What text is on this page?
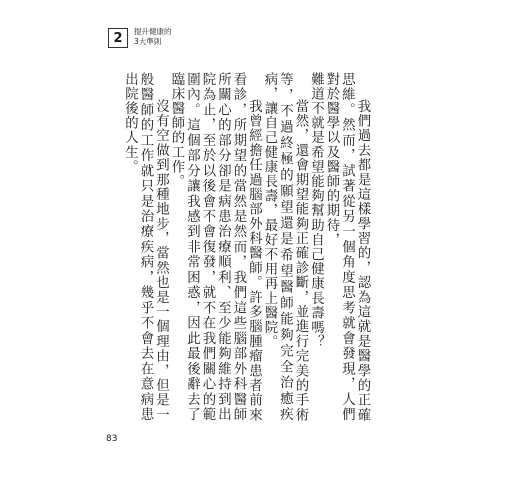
2 提升健康的
3大準則

我們過去都是這樣學習的，認為這就是醫學的正確思維。然而，試著從另一個角度思考就會發現，人們對於醫學以及醫師的期待，

難道不就是希望能夠幫助自己健康長壽嗎？

當然，還會期望能夠正確診斷，並進行完美的手術等，不過終極的願望還是希望醫師能夠完全治癒疾病，讓自己健康長壽，最好不用再上醫院。

我曾經擔任過腦部外科醫師。許多腦腫瘤患者前來看診，所期望的當然是然而，我們這些腦部外科醫師所關心的部分卻是病患治療順利、至少能夠維持到出院為止，至於以後會不會復發，就不在我們關心的範圍內。這個部分讓我感到非常困惑，因此最後辭去了臨床醫師的工作。

沒有空做到那種地步，當然也是一個理由，但是一般醫師的工作就只是治療疾病，幾乎不會去在意病患出院後的人生。

83
